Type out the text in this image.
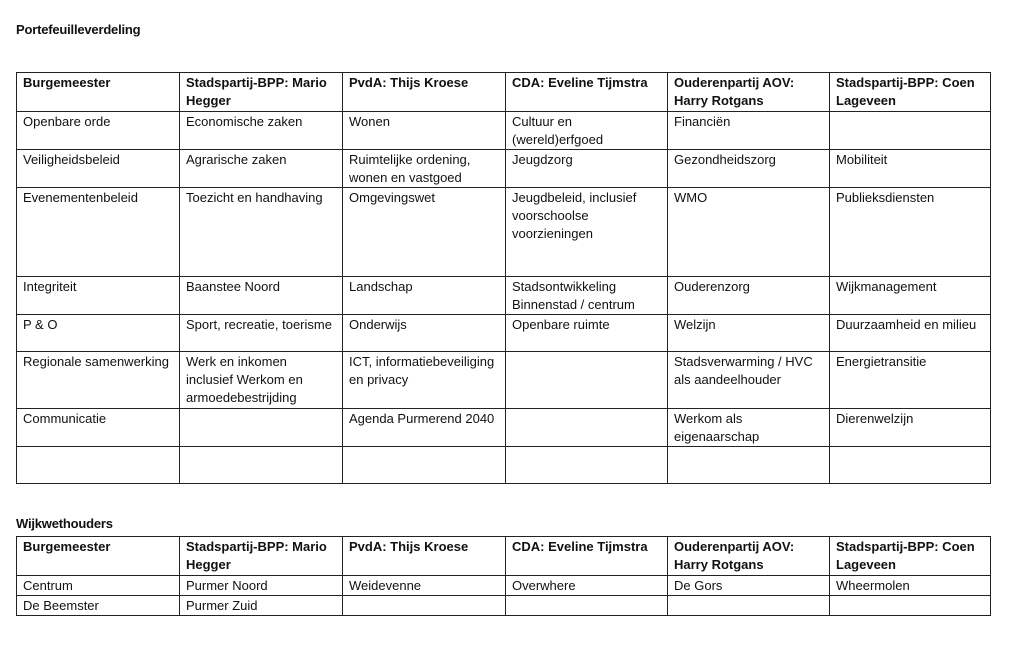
Portefeuilleverdeling
Burgemeester	Stadspartij-BPP: Mario Hegger	PvdA: Thijs Kroese	CDA: Eveline Tijmstra	Ouderenpartij AOV: Harry Rotgans	Stadspartij-BPP: Coen Lageveen
Openbare orde	Economische zaken	Wonen	Cultuur en (wereld)erfgoed	Financiën	
Veiligheidsbeleid	Agrarische zaken	Ruimtelijke ordening, wonen en vastgoed	Jeugdzorg	Gezondheidszorg	Mobiliteit
Evenementenbeleid	Toezicht en handhaving	Omgevingswet	Jeugdbeleid, inclusief voorschoolse voorzieningen	WMO	Publieksdiensten
Integriteit	Baanstee Noord	Landschap	Stadsontwikkeling Binnenstad / centrum	Ouderenzorg	Wijkmanagement
P & O	Sport, recreatie, toerisme	Onderwijs	Openbare ruimte	Welzijn	Duurzaamheid en milieu
Regionale samenwerking	Werk en inkomen inclusief Werkom en armoedebestrijding	ICT, informatiebeveiliging en privacy		Stadsverwarming / HVC als aandeelhouder	Energietransitie
Communicatie		Agenda Purmerend 2040		Werkom als eigenaarschap	Dierenwelzijn

Wijkwethouders
Burgemeester	Stadspartij-BPP: Mario Hegger	PvdA: Thijs Kroese	CDA: Eveline Tijmstra	Ouderenpartij AOV: Harry Rotgans	Stadspartij-BPP: Coen Lageveen
Centrum	Purmer Noord	Weidevenne	Overwhere	De Gors	Wheermolen
De Beemster	Purmer Zuid				
